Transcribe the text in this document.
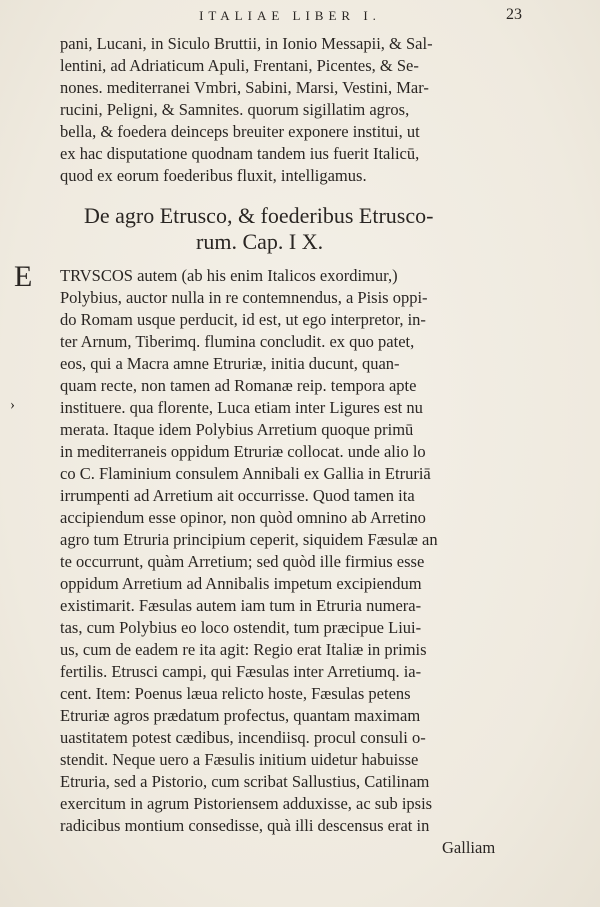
ITALIAE LIBER I.	23
pani, Lucani, in Siculo Bruttii, in Ionio Messapii, & Sal-
lentini, ad Adriaticum Apuli, Frentani, Picentes, & Se-
nones. mediterranei Vmbri, Sabini, Marsi, Vestini, Mar-
rucini, Peligni, & Samnites. quorum sigillatim agros,
bella, & foedera deinceps breuiter exponere institui, ut
ex hac disputatione quodnam tandem ius fuerit Italicū,
quod ex eorum foederibus fluxit, intelligamus.
De agro Etrusco, & foederibus Etrusco-
rum. Cap. I X.
E
›
TRVSCOS autem (ab his enim Italicos exordimur,)
Polybius, auctor nulla in re contemnendus, a Pisis oppi-
do Romam usque perducit, id est, ut ego interpretor, in-
ter Arnum, Tiberimq. flumina concludit. ex quo patet,
eos, qui a Macra amne Etruriæ, initia ducunt, quan-
quam recte, non tamen ad Romanæ reip. tempora apte
instituere. qua florente, Luca etiam inter Ligures est nu
merata. Itaque idem Polybius Arretium quoque primū
in mediterraneis oppidum Etruriæ collocat. unde alio lo
co C. Flaminium consulem Annibali ex Gallia in Etruriā
irrumpenti ad Arretium ait occurrisse. Quod tamen ita
accipiendum esse opinor, non quòd omnino ab Arretino
agro tum Etruria principium ceperit, siquidem Fæsulæ an
te occurrunt, quàm Arretium; sed quòd ille firmius esse
oppidum Arretium ad Annibalis impetum excipiendum
existimarit. Fæsulas autem iam tum in Etruria numera-
tas, cum Polybius eo loco ostendit, tum præcipue Liui-
us, cum de eadem re ita agit: Regio erat Italiæ in primis
fertilis. Etrusci campi, qui Fæsulas inter Arretiumq. ia-
cent. Item: Poenus læua relicto hoste, Fæsulas petens
Etruriæ agros prædatum profectus, quantam maximam
uastitatem potest cædibus, incendiisq. procul consuli o-
stendit. Neque uero a Fæsulis initium uidetur habuisse
Etruria, sed a Pistorio, cum scribat Sallustius, Catilinam
exercitum in agrum Pistoriensem adduxisse, ac sub ipsis
radicibus montium consedisse, quà illi descensus erat in
Galliam
